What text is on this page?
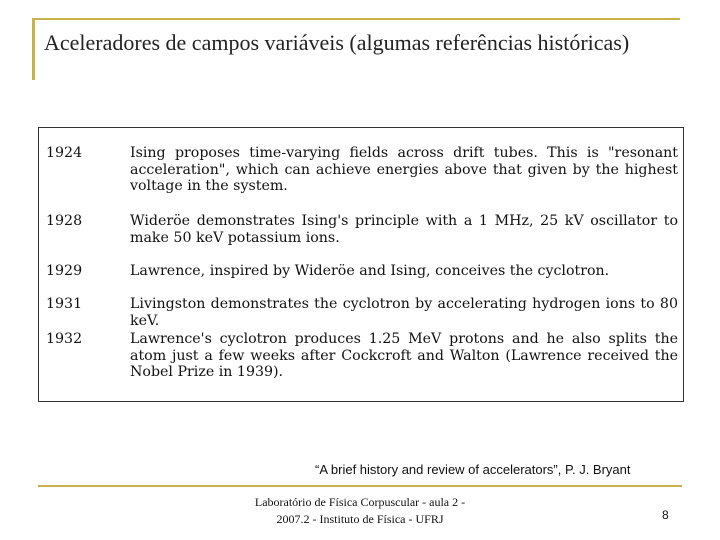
Aceleradores de campos variáveis (algumas referências históricas)
1924	Ising proposes time-varying fields across drift tubes. This is "resonant acceleration", which can achieve energies above that given by the highest voltage in the system.
1928	Wideröe demonstrates Ising's principle with a 1 MHz, 25 kV oscillator to make 50 keV potassium ions.
1929	Lawrence, inspired by Wideröe and Ising, conceives the cyclotron.
1931	Livingston demonstrates the cyclotron by accelerating hydrogen ions to 80 keV.
1932	Lawrence's cyclotron produces 1.25 MeV protons and he also splits the atom just a few weeks after Cockcroft and Walton (Lawrence received the Nobel Prize in 1939).
“A brief history and review of accelerators”, P. J. Bryant
Laboratório de Física Corpuscular - aula 2 -
2007.2 - Instituto de Física - UFRJ	8
